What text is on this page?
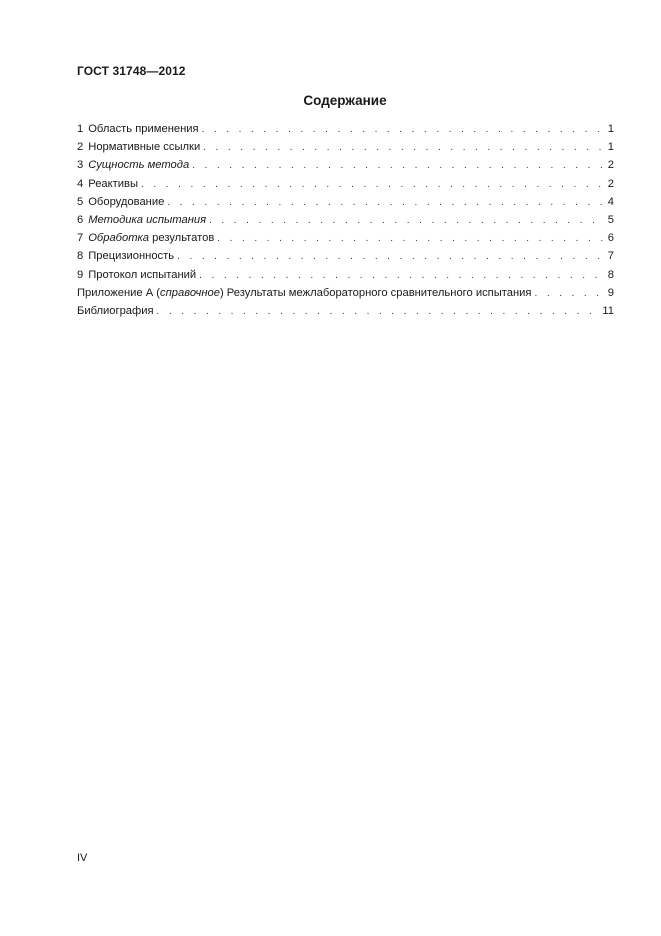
ГОСТ 31748—2012
Содержание
1 Область применения . . .	1
2 Нормативные ссылки . . .	1
3 Сущность метода . . .	2
4 Реактивы . . .	2
5 Оборудование . . .	4
6 Методика испытания . . .	5
7 Обработка результатов . . .	6
8 Прецизионность . . .	7
9 Протокол испытаний . . .	8
Приложение А (справочное) Результаты межлабораторного сравнительного испытания . . .	9
Библиография . . .	11
IV
